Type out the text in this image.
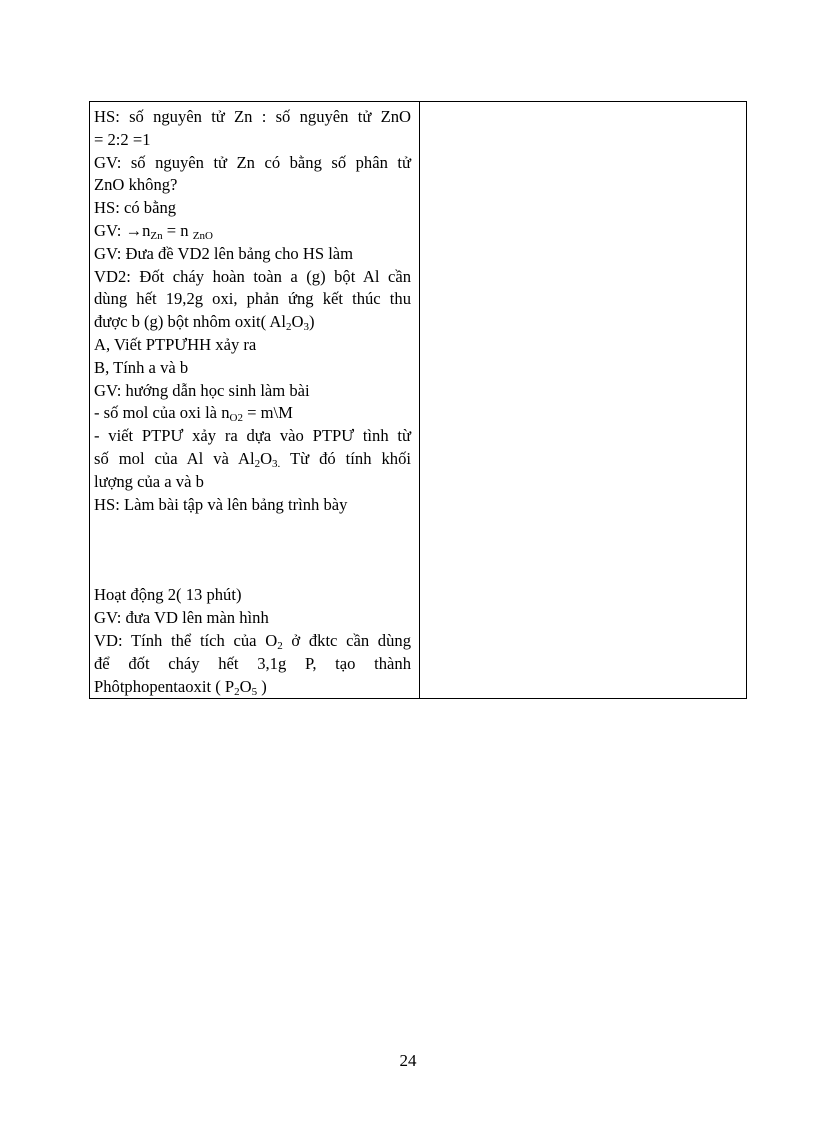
HS: số nguyên tử Zn : số nguyên tử ZnO
= 2:2 =1
GV: số nguyên tử Zn có bằng số phân tử
ZnO không?
HS: có bằng
GV: $\to n_{Zn} = n$ $_{ZnO}$
GV: Đưa đề VD2 lên bảng cho HS làm
VD2: Đốt cháy hoàn toàn a (g) bột Al cần
dùng hết 19,2g oxi, phản ứng kết thúc thu
được b (g) bột nhôm oxit( $Al_2O_3$)
A, Viết PTPƯHH xảy ra
B, Tính a và b
GV: hướng dẫn học sinh làm bài
- số mol của oxi là $n_{O2}$ = m\M
- viết PTPƯ xảy ra dựa vào PTPƯ tình từ
số mol của Al và $Al_2O_{3.}$ Từ đó tính khối
lượng của a và b
HS: Làm bài tập và lên bảng trình bày
Hoạt động 2( 13 phút)
GV: đưa VD lên màn hình
VD: Tính thể tích của $O_2$ ở đktc cần dùng
để đốt cháy hết 3,1g P, tạo thành
Phôtphopentaoxit ( $P_2O_5$ )

24
